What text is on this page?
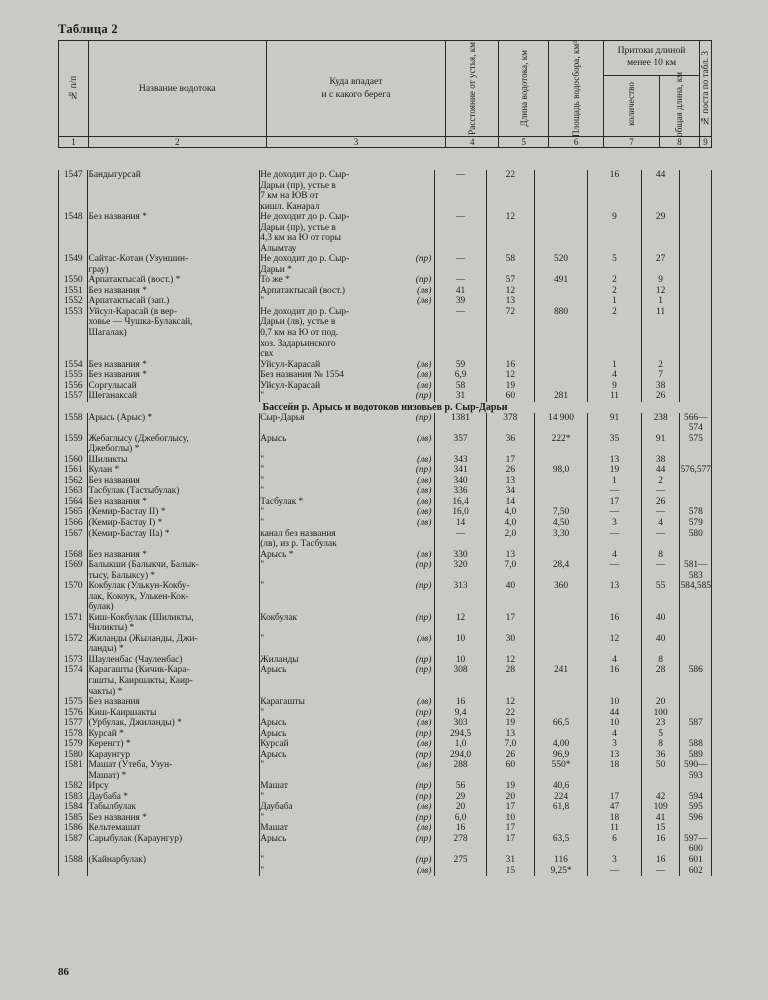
Таблица 2
№ п/п	Название водотока	Куда впадает
и с какого берега	Расстояние от устья, км	Длина водотока, км	Площадь водосбора, км²	Притоки длиной менее 10 км		№ поста по табл. 3

						количество	общая длина, км	

1	2	3	4	5	6	7	8	9
1547	Бандыгурсай	Не доходит до р. Сыр-
Дарьи (пр), устье в
7 км на ЮВ от
кишл. Канарал	—	22		16	44	
1548	Без названия *	Не доходит до р. Сыр-
Дарьи (пр), устье в
4,3 км на Ю от горы
Алымтау	—	12		9	29	
1549	Сайтас-Котан (Узуншин-
грау)

Не доходит до р. Сыр-
Дарьи *
(пр)	—	58	520	5	27	
1550	Арпатактысай (вост.) *	То же * (пр)	—	57	491	2	9	
1551	Без названия *	Арпатактысай (вост.) (лв)	41	12		2	12	
1552	Арпатактысай (зап.)	" (лв)	39	13		1	1	
1553	Уйсул-Карасай (в вер-
ховье — Чушка-Булаксай,
Шагалак)

Не доходит до р. Сыр-
Дарьи (лв), устье в
0,7 км на Ю от под.
хоз. Задарьинского
свх
	—	72	880	2	11	
1554	Без названия *	Уйсул-Карасай (лв)	59	16		1	2	
1555	Без названия *	Без названия № 1554 (лв)	6,9	12		4	7	
1556	Соргулысай	Уйсул-Карасай (лв)	58	19		9	38	
1557	Шеганаксай	" (пр)	31	60	281	11	26	
Бассейн р. Арысь и водотоков низовьев р. Сыр-Дарьи								
1558	Арысь (Арыс) *	Сыр-Дарья (пр)	1381	378	14 900	91	238	566—574
1559	Жебаглысу (Джебоглысу,
Джебоглы) *

Арысь	(лв)	357	36	222*	35	91	575
1560	Шиликты	" (лв)	343	17		13	38	
1561	Кулан *	" (пр)	341	26	98,0	19	44	576,577
1562	Без названия	" (лв)	340	13		1	2	
1563	Тасбулак (Тастыбулак)	" (лв)	336	34		—	—	
1564	Без названия *	Тасбулак * (лв)	16,4	14		17	26	
1565	(Кемир-Бастау II) *	" (лв)	16,0	4,0	7,50	—	—	578
1566	(Кемир-Бастау I) *	" (лв)	14	4,0	4,50	3	4	579
1567	(Кемир-Бастау IIа) *	канал без названия
(лв), из р. Тасбулак	—	2,0	3,30	—	—	580
1568	Без названия *	Арысь * (лв)	330	13		4	8	
1569	Балыкши (Балыкчи, Балык-
тысу, Балыксу) *

"	(пр)	320	7,0	28,4	—	—	581—583
1570	Кокбулак (Улькун-Кокбу-
лак, Кокоук, Улькен-Кок-
булак)

"	(пр)	313	40	360	13	55	584,585
1571	Киш-Кокбулак (Шиликты,
Чиликты) *

Кокбулак	(пр)	12	17		16	40	
1572	Жиланды (Жыланды, Джи-
ланды) *

"	(лв)	10	30		12	40	
1573	Шауленбас (Чауленбас)	Жиланды (пр)	10	12		4	8	
1574	Карагашты (Кичик-Кара-
гашты, Каиршакты, Каир-
чакты) *

Арысь	(пр)	308	28	241	16	28	586
1575	Без названия	Карагашты (лв)	16	12		10	20	
1576	Киш-Каиршакты	" (пр)	9,4	22		44	100	
1577	(Урбулак, Джиланды) *	Арысь (лв)	303	19	66,5	10	23	587
1578	Курсай *	Арысь (пр)	294,5	13		4	5	
1579	Керенгт) *	Курсай (лв)	1,0	7,0	4,00	3	8	588
1580	Караунгур	Арысь (пр)	294,0	26	96,9	13	36	589
1581	Машат (Утеба, Узун-
Машат) *

"	(лв)	288	60	550*	18	50	590—593
1582	Ирсу	Машат (пр)	56	19	40,6			
1583	Даубаба *	" (пр)	29	20	224	17	42	594
1584	Табылбулак	Даубаба (лв)	20	17	61,8	47	109	595
1585	Без названия *	" (пр)	6,0	10		18	41	596
1586	Кельтемашат	Машат (лв)	16	17		11	15	
1587	Сарыбулак (Караунгур)	Арысь (пр)	278	17	63,5	6	16	597—600
1588	(Кайнарбулак)	" (пр)	275	31	116	3	16	601

		" (лв)		15	9,25*	—	—	602
86
